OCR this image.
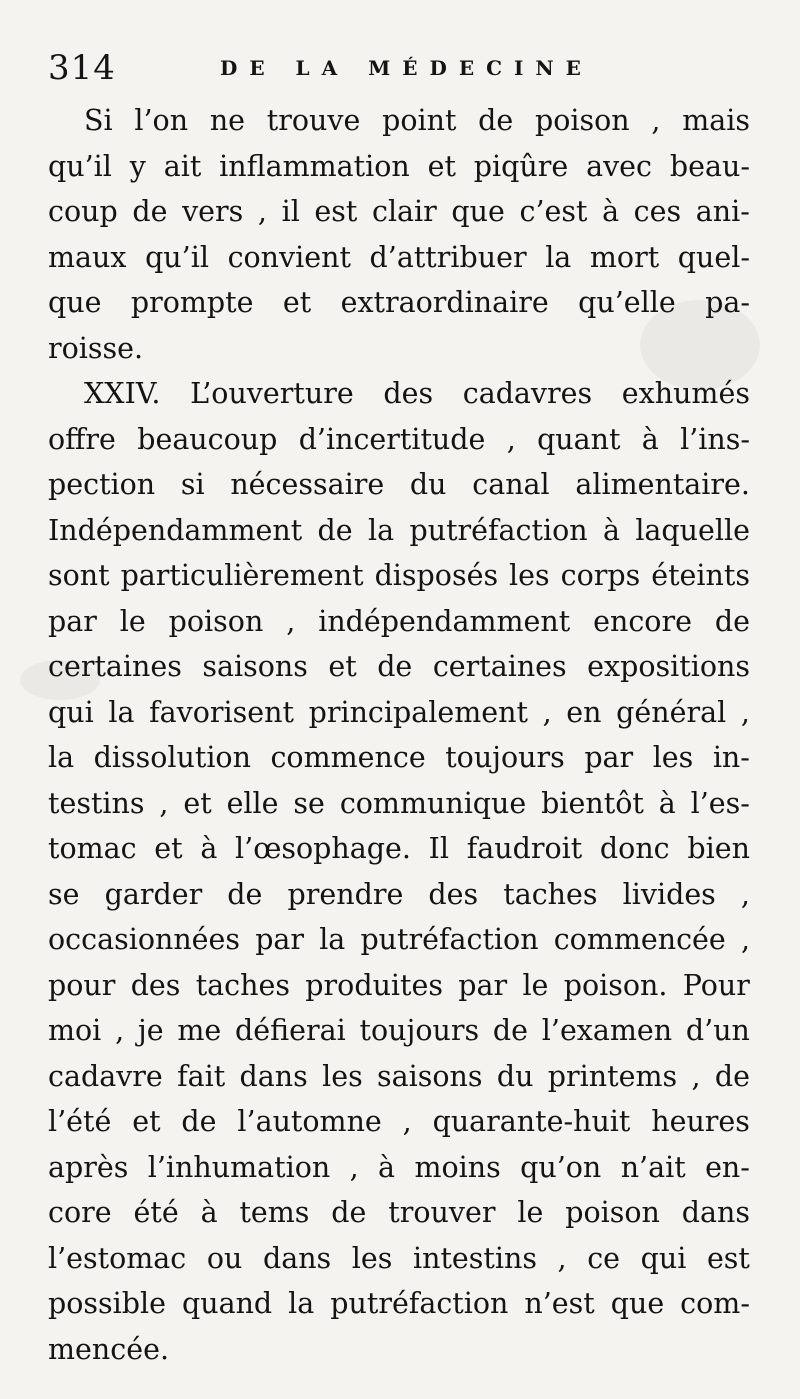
314	DE LA MÉDECINE
Si l’on ne trouve point de poison , mais
qu’il y ait inflammation et piqûre avec beau-
coup de vers , il est clair que c’est à ces ani-
maux qu’il convient d’attribuer la mort quel-
que prompte et extraordinaire qu’elle pa-
roisse.
XXIV. L’ouverture des cadavres exhumés
offre beaucoup d’incertitude , quant à l’ins-
pection si nécessaire du canal alimentaire.
Indépendamment de la putréfaction à laquelle
sont particulièrement disposés les corps éteints
par le poison , indépendamment encore de
certaines saisons et de certaines expositions
qui la favorisent principalement , en général ,
la dissolution commence toujours par les in-
testins , et elle se communique bientôt à l’es-
tomac et à l’œsophage. Il faudroit donc bien
se garder de prendre des taches livides ,
occasionnées par la putréfaction commencée ,
pour des taches produites par le poison. Pour
moi , je me défierai toujours de l’examen d’un
cadavre fait dans les saisons du printems , de
l’été et de l’automne , quarante-huit heures
après l’inhumation , à moins qu’on n’ait en-
core été à tems de trouver le poison dans
l’estomac ou dans les intestins , ce qui est
possible quand la putréfaction n’est que com-
mencée.
